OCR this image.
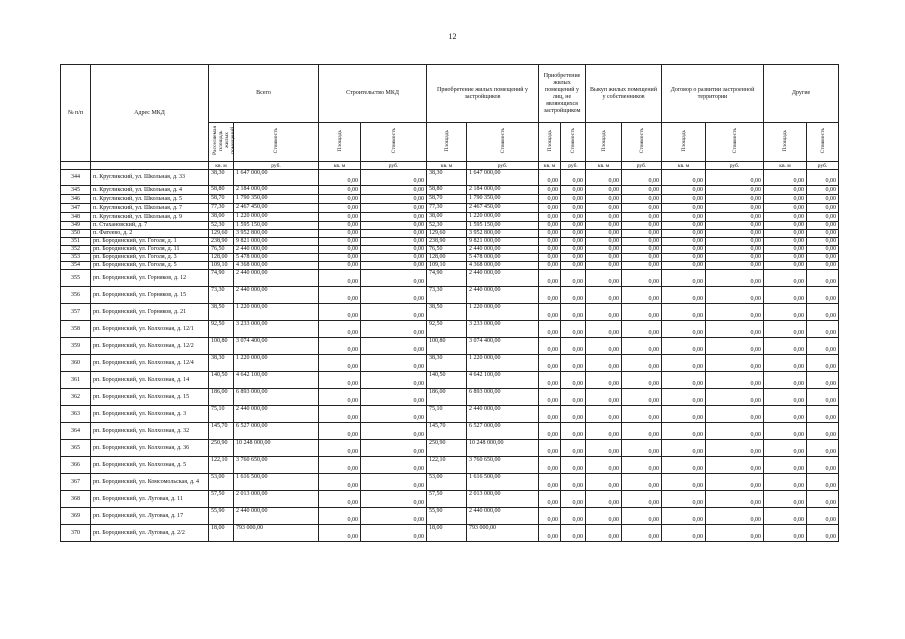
12
№ п/п	Адрес МКД	Всего		Строительство МКД		Приобретение жилых помещений у застройщиков		Приобретение жилых помещений у лиц, не являющихся застройщиком		Выкуп жилых помещений у собственников		Договор о развитии застроенной территории		Другие	
		Расселяемая площадь жилых помещений	Стоимость	Площадь	Стоимость	Площадь	Стоимость	Площадь	Стоимость	Площадь	Стоимость	Площадь	Стоимость	Площадь	Стоимость
		кв. м	руб.	кв. м	руб.	кв. м	руб.	кв. м	руб.	кв. м	руб.	кв. м	руб.	кв. м	руб.
344	п. Кругликский, ул. Школьная, д. 33	38,30	1 647 000,00	0,00	0,00	38,30	1 647 000,00	0,00	0,00	0,00	0,00	0,00	0,00	0,00	0,00
345	п. Кругликский, ул. Школьная, д. 4	58,80	2 184 000,00	0,00	0,00	58,80	2 184 000,00	0,00	0,00	0,00	0,00	0,00	0,00	0,00	0,00
346	п. Кругликский, ул. Школьная, д. 5	58,70	1 790 350,00	0,00	0,00	58,70	1 790 350,00	0,00	0,00	0,00	0,00	0,00	0,00	0,00	0,00
347	п. Кругликский, ул. Школьная, д. 7	77,30	2 467 450,00	0,00	0,00	77,30	2 467 450,00	0,00	0,00	0,00	0,00	0,00	0,00	0,00	0,00
348	п. Кругликский, ул. Школьная, д. 9	38,00	1 220 000,00	0,00	0,00	38,00	1 220 000,00	0,00	0,00	0,00	0,00	0,00	0,00	0,00	0,00
349	п. Стахановский, д. 7	52,30	1 595 150,00	0,00	0,00	52,30	1 595 150,00	0,00	0,00	0,00	0,00	0,00	0,00	0,00	0,00
350	п. Фатеево, д. 2	129,60	3 952 800,00	0,00	0,00	129,60	3 952 800,00	0,00	0,00	0,00	0,00	0,00	0,00	0,00	0,00
351	рп. Бородинский, ул. Гоголя, д. 1	238,90	9 821 000,00	0,00	0,00	238,90	9 821 000,00	0,00	0,00	0,00	0,00	0,00	0,00	0,00	0,00
352	рп. Бородинский, ул. Гоголя, д. 11	76,50	2 440 000,00	0,00	0,00	76,50	2 440 000,00	0,00	0,00	0,00	0,00	0,00	0,00	0,00	0,00
353	рп. Бородинский, ул. Гоголя, д. 3	128,00	5 478 000,00	0,00	0,00	128,00	5 478 000,00	0,00	0,00	0,00	0,00	0,00	0,00	0,00	0,00
354	рп. Бородинский, ул. Гоголя, д. 5	109,10	4 368 000,00	0,00	0,00	109,10	4 368 000,00	0,00	0,00	0,00	0,00	0,00	0,00	0,00	0,00
355	рп. Бородинский, ул. Горняков, д. 12	74,90	2 440 000,00	0,00	0,00	74,90	2 440 000,00	0,00	0,00	0,00	0,00	0,00	0,00	0,00	0,00
356	рп. Бородинский, ул. Горняков, д. 15	73,30	2 440 000,00	0,00	0,00	73,30	2 440 000,00	0,00	0,00	0,00	0,00	0,00	0,00	0,00	0,00
357	рп. Бородинский, ул. Горняков, д. 21	38,50	1 220 000,00	0,00	0,00	38,50	1 220 000,00	0,00	0,00	0,00	0,00	0,00	0,00	0,00	0,00
358	рп. Бородинский, ул. Колхозная, д. 12/1	92,50	3 233 000,00	0,00	0,00	92,50	3 233 000,00	0,00	0,00	0,00	0,00	0,00	0,00	0,00	0,00
359	рп. Бородинский, ул. Колхозная, д. 12/2	100,80	3 074 400,00	0,00	0,00	100,80	3 074 400,00	0,00	0,00	0,00	0,00	0,00	0,00	0,00	0,00
360	рп. Бородинский, ул. Колхозная, д. 12/4	38,30	1 220 000,00	0,00	0,00	38,30	1 220 000,00	0,00	0,00	0,00	0,00	0,00	0,00	0,00	0,00
361	рп. Бородинский, ул. Колхозная, д. 14	140,50	4 642 100,00	0,00	0,00	140,50	4 642 100,00	0,00	0,00	0,00	0,00	0,00	0,00	0,00	0,00
362	рп. Бородинский, ул. Колхозная, д. 15	186,00	6 893 000,00	0,00	0,00	186,00	6 893 000,00	0,00	0,00	0,00	0,00	0,00	0,00	0,00	0,00
363	рп. Бородинский, ул. Колхозная, д. 3	75,10	2 440 000,00	0,00	0,00	75,10	2 440 000,00	0,00	0,00	0,00	0,00	0,00	0,00	0,00	0,00
364	рп. Бородинский, ул. Колхозная, д. 32	145,70	6 527 000,00	0,00	0,00	145,70	6 527 000,00	0,00	0,00	0,00	0,00	0,00	0,00	0,00	0,00
365	рп. Бородинский, ул. Колхозная, д. 36	250,90	10 248 000,00	0,00	0,00	250,90	10 248 000,00	0,00	0,00	0,00	0,00	0,00	0,00	0,00	0,00
366	рп. Бородинский, ул. Колхозная, д. 5	122,10	3 760 650,00	0,00	0,00	122,10	3 760 650,00	0,00	0,00	0,00	0,00	0,00	0,00	0,00	0,00
367	рп. Бородинский, ул. Комсомольская, д. 4	53,00	1 616 500,00	0,00	0,00	53,00	1 616 500,00	0,00	0,00	0,00	0,00	0,00	0,00	0,00	0,00
368	рп. Бородинский, ул. Луговая, д. 11	57,50	2 013 000,00	0,00	0,00	57,50	2 013 000,00	0,00	0,00	0,00	0,00	0,00	0,00	0,00	0,00
369	рп. Бородинский, ул. Луговая, д. 17	55,90	2 440 000,00	0,00	0,00	55,90	2 440 000,00	0,00	0,00	0,00	0,00	0,00	0,00	0,00	0,00
370	рп. Бородинский, ул. Луговая, д. 2/2	18,00	793 000,00	0,00	0,00	18,00	793 000,00	0,00	0,00	0,00	0,00	0,00	0,00	0,00	0,00
